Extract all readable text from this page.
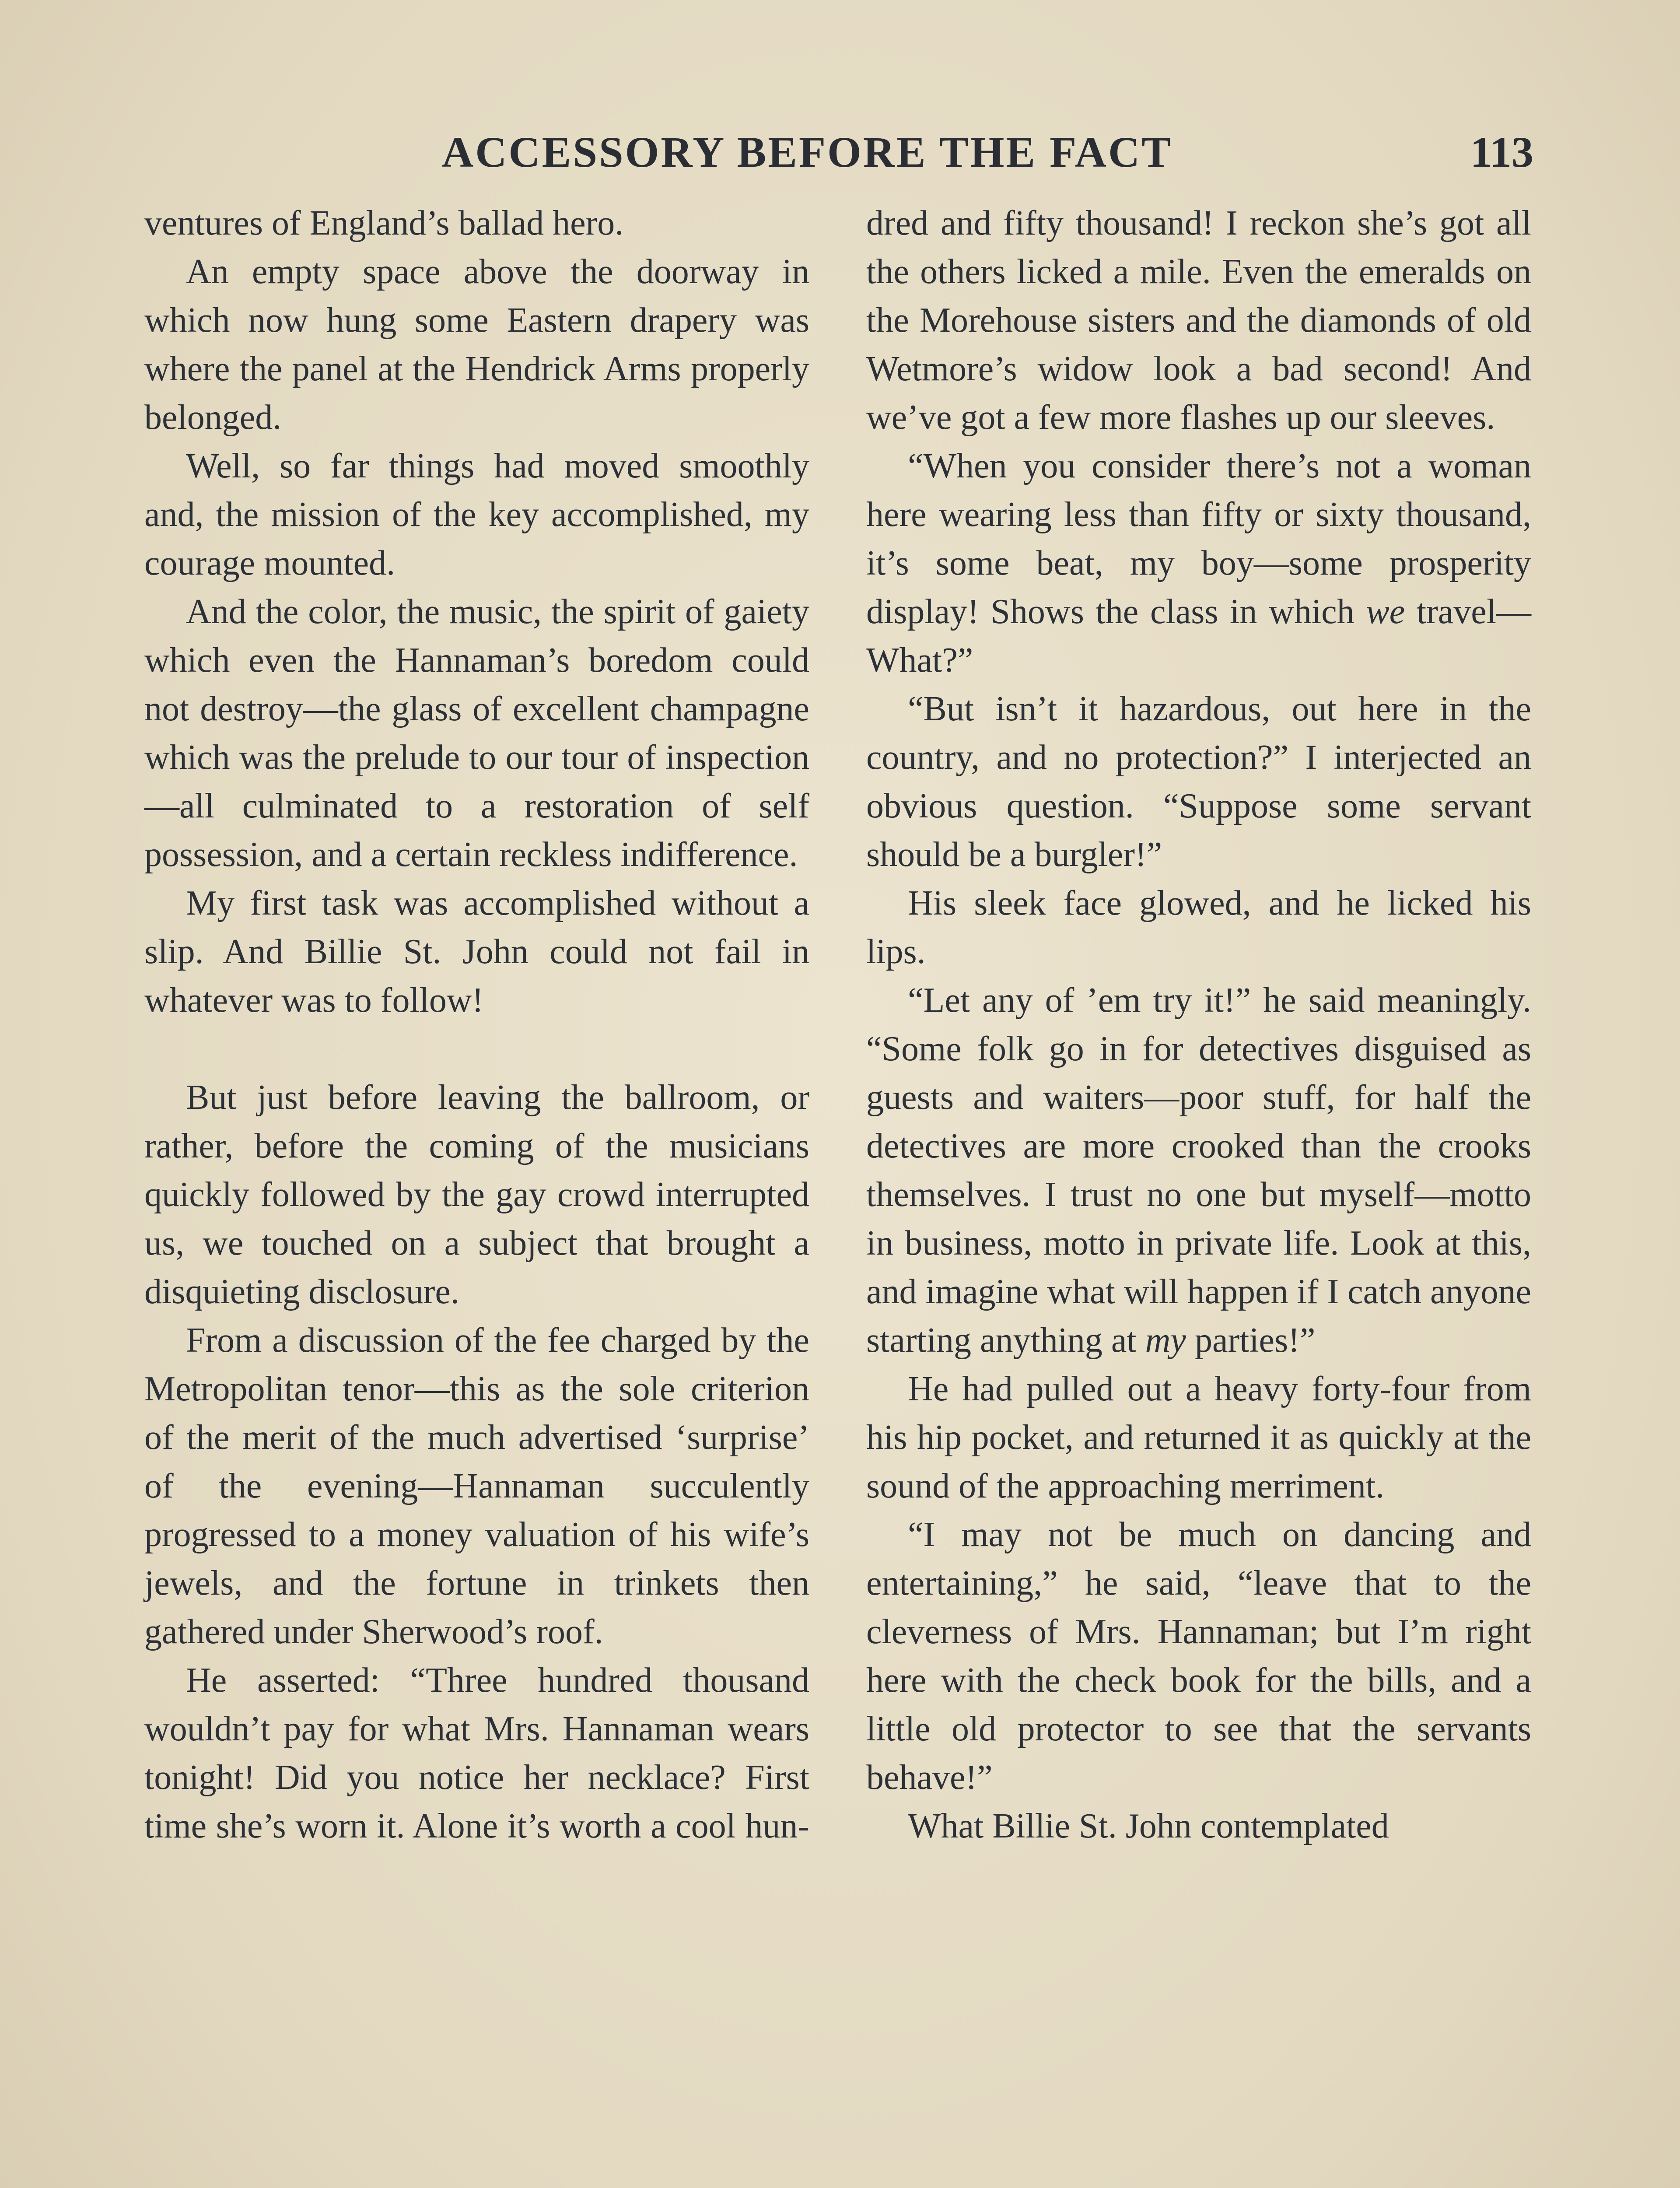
ACCESSORY BEFORE THE FACT	113

ventures of England’s ballad hero.

An empty space above the doorway in which now hung some Eastern drapery was where the panel at the Hendrick Arms properly belonged.

Well, so far things had moved smoothly and, the mission of the key accomplished, my courage mounted.

And the color, the music, the spirit of gaiety which even the Hannaman’s boredom could not destroy—the glass of excellent champagne which was the prelude to our tour of inspection—all culminated to a restoration of self possession, and a certain reckless indifference.

My first task was accomplished without a slip. And Billie St. John could not fail in whatever was to follow!

But just before leaving the ballroom, or rather, before the coming of the musicians quickly followed by the gay crowd interrupted us, we touched on a subject that brought a disquieting disclosure.

From a discussion of the fee charged by the Metropolitan tenor—this as the sole criterion of the merit of the much advertised ‘surprise’ of the evening—Hannaman succulently progressed to a money valuation of his wife’s jewels, and the fortune in trinkets then gathered under Sherwood’s roof.

He asserted: “Three hundred thousand wouldn’t pay for what Mrs. Hannaman wears tonight! Did you notice her necklace? First time she’s worn it. Alone it’s worth a cool hun-

dred and fifty thousand! I reckon she’s got all the others licked a mile. Even the emeralds on the Morehouse sisters and the diamonds of old Wetmore’s widow look a bad second! And we’ve got a few more flashes up our sleeves.

“When you consider there’s not a woman here wearing less than fifty or sixty thousand, it’s some beat, my boy—some prosperity display! Shows the class in which we travel—What?”

“But isn’t it hazardous, out here in the country, and no protection?” I interjected an obvious question. “Suppose some servant should be a burgler!”

His sleek face glowed, and he licked his lips.

“Let any of ’em try it!” he said meaningly. “Some folk go in for detectives disguised as guests and waiters—poor stuff, for half the detectives are more crooked than the crooks themselves. I trust no one but myself—motto in business, motto in private life. Look at this, and imagine what will happen if I catch anyone starting anything at my parties!”

He had pulled out a heavy forty-four from his hip pocket, and returned it as quickly at the sound of the approaching merriment.

“I may not be much on dancing and entertaining,” he said, “leave that to the cleverness of Mrs. Hannaman; but I’m right here with the check book for the bills, and a little old protector to see that the servants behave!”

What Billie St. John contemplated
